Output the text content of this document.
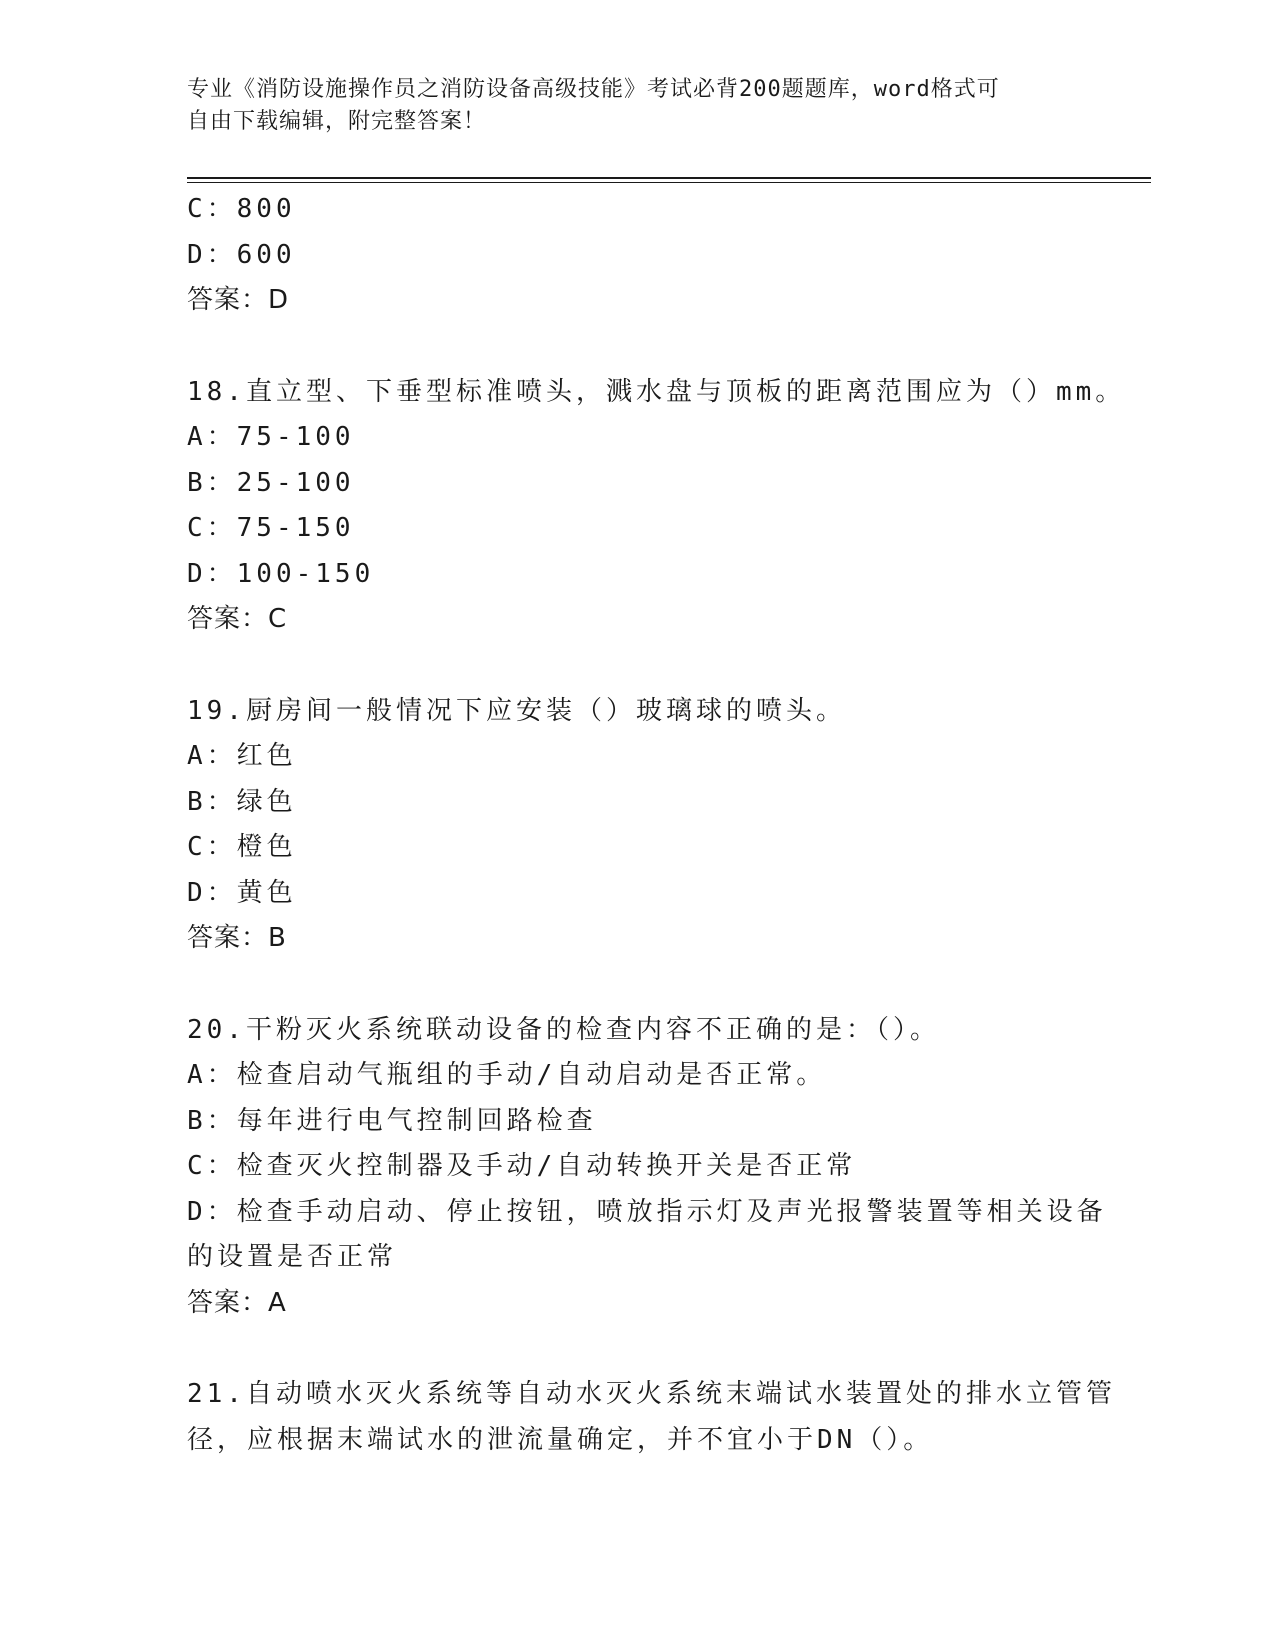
专业《消防设施操作员之消防设备高级技能》考试必背200题题库，word格式可
自由下载编辑，附完整答案！
C：800
D：600
答案：D
18.直立型、下垂型标准喷头，溅水盘与顶板的距离范围应为（）mm。
A：75-100
B：25-100
C：75-150
D：100-150
答案：C
19.厨房间一般情况下应安装（）玻璃球的喷头。
A：红色
B：绿色
C：橙色
D：黄色
答案：B
20.干粉灭火系统联动设备的检查内容不正确的是：（）。
A：检查启动气瓶组的手动/自动启动是否正常。
B：每年进行电气控制回路检查
C：检查灭火控制器及手动/自动转换开关是否正常
D：检查手动启动、停止按钮，喷放指示灯及声光报警装置等相关设备
的设置是否正常
答案：A
21.自动喷水灭火系统等自动水灭火系统末端试水装置处的排水立管管
径，应根据末端试水的泄流量确定，并不宜小于DN（）。
